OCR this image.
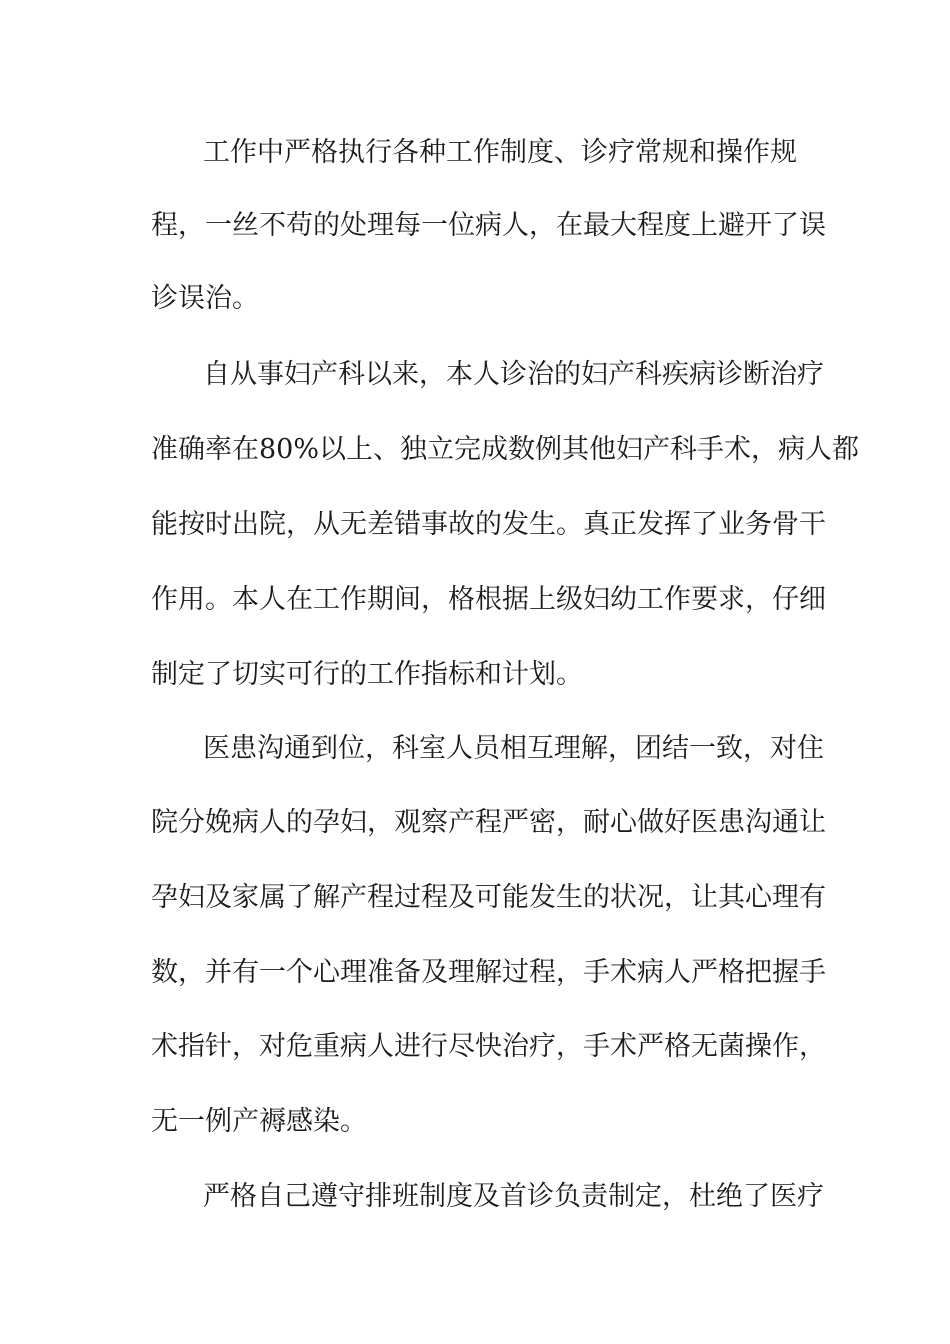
工作中严格执行各种工作制度、诊疗常规和操作规
程，一丝不苟的处理每一位病人，在最大程度上避开了误
诊误治。
自从事妇产科以来，本人诊治的妇产科疾病诊断治疗
准确率在80%以上、独立完成数例其他妇产科手术，病人都
能按时出院，从无差错事故的发生。真正发挥了业务骨干
作用。本人在工作期间，格根据上级妇幼工作要求，仔细
制定了切实可行的工作指标和计划。
医患沟通到位，科室人员相互理解，团结一致，对住
院分娩病人的孕妇，观察产程严密，耐心做好医患沟通让
孕妇及家属了解产程过程及可能发生的状况，让其心理有
数，并有一个心理准备及理解过程，手术病人严格把握手
术指针，对危重病人进行尽快治疗，手术严格无菌操作，
无一例产褥感染。
严格自己遵守排班制度及首诊负责制定，杜绝了医疗
